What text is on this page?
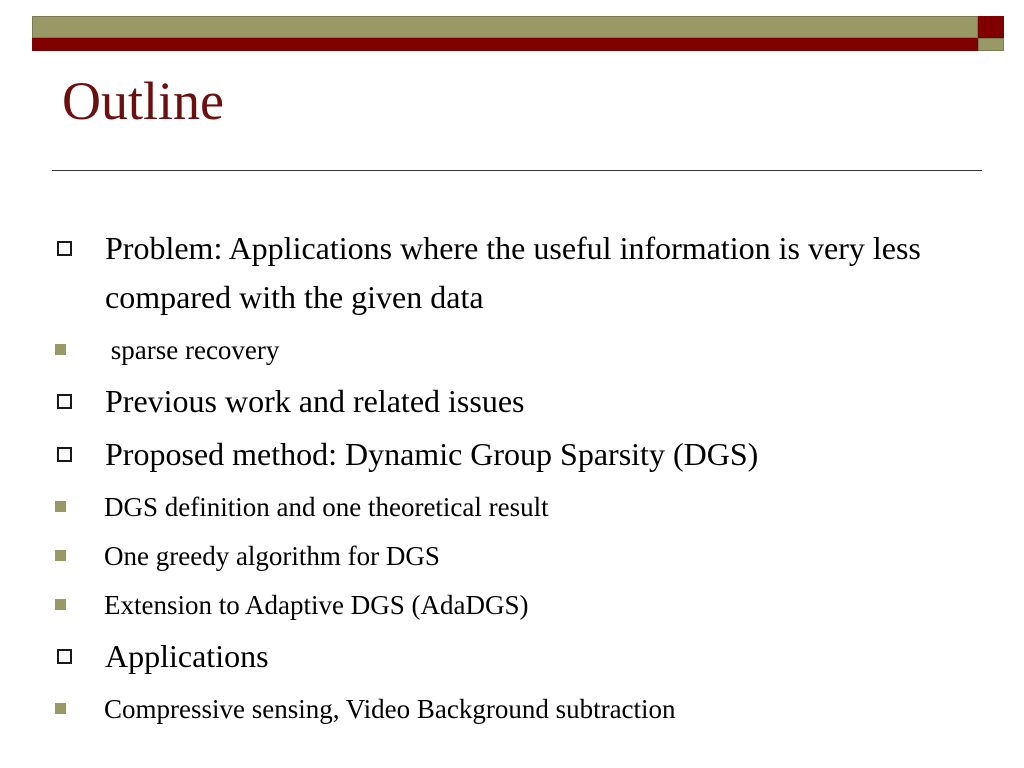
Outline
Problem: Applications where the useful information is very less compared with the given data
sparse recovery
Previous work and related issues
Proposed method: Dynamic Group Sparsity (DGS)
DGS definition and one theoretical result
One greedy algorithm for DGS
Extension to Adaptive DGS (AdaDGS)
Applications
Compressive sensing, Video Background subtraction
